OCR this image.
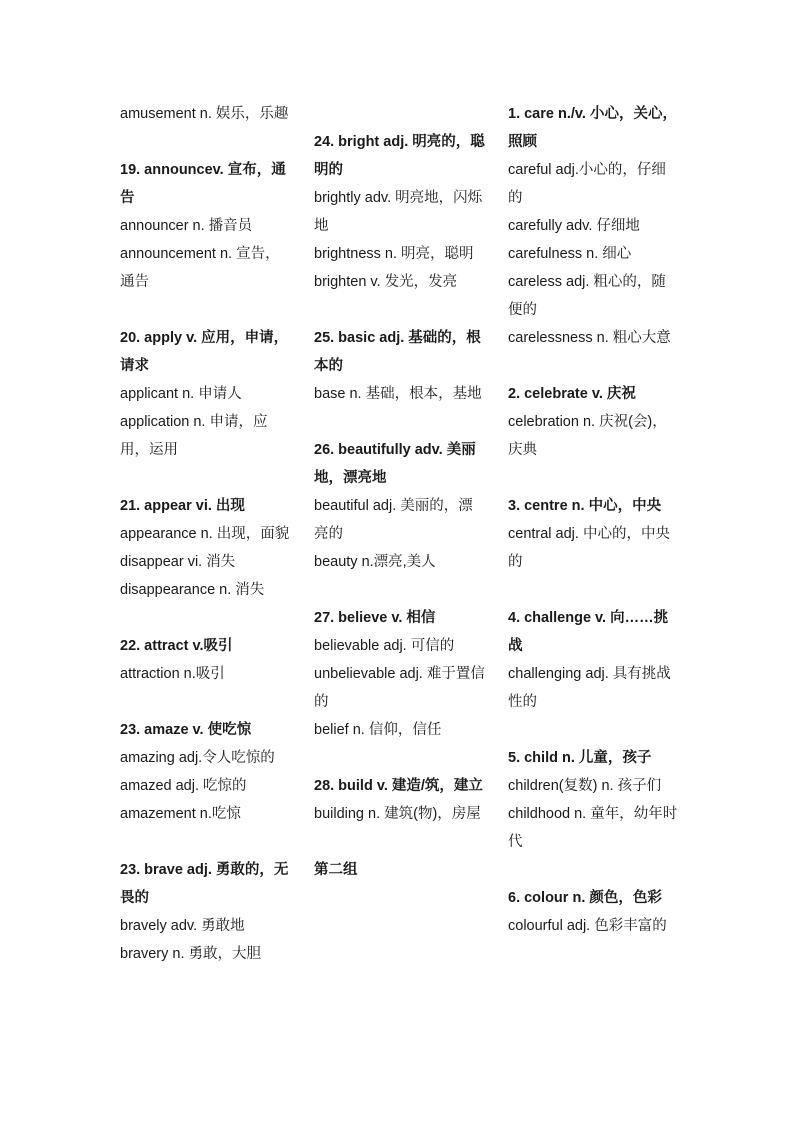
amusement n. 娱乐，乐趣
19. announcev. 宣布，通告
announcer n. 播音员
announcement n. 宣告，通告
20. apply v. 应用，申请，请求
applicant n. 申请人
application n. 申请，应用，运用
21. appear vi. 出现
appearance n. 出现，面貌
disappear vi. 消失
disappearance n. 消失
22. attract v.吸引
attraction n.吸引
23. amaze v. 使吃惊
amazing adj.令人吃惊的
amazed adj. 吃惊的
amazement n.吃惊
23. brave adj. 勇敢的，无畏的
bravely adv. 勇敢地
bravery n. 勇敢，大胆
24. bright adj. 明亮的，聪明的
brightly adv. 明亮地，闪烁地
brightness n. 明亮，聪明
brighten v. 发光，发亮
25. basic adj. 基础的，根本的
base n. 基础，根本，基地
26. beautifully adv. 美丽地，漂亮地
beautiful adj. 美丽的，漂亮的
beauty n.漂亮,美人
27. believe v. 相信
believable adj. 可信的
unbelievable adj. 难于置信的
belief n. 信仰，信任
28. build v. 建造/筑，建立
building n. 建筑(物)，房屋
第二组
1. care n./v. 小心，关心，照顾
careful adj.小心的，仔细的
carefully adv. 仔细地
carefulness n. 细心
careless adj. 粗心的，随便的
carelessness n. 粗心大意
2. celebrate v. 庆祝
celebration n. 庆祝(会)，庆典
3. centre n. 中心，中央
central adj. 中心的，中央的
4. challenge v. 向……挑战
challenging adj. 具有挑战性的
5. child n. 儿童，孩子
children(复数) n. 孩子们
childhood n. 童年，幼年时代
6. colour n. 颜色，色彩
colourful adj. 色彩丰富的
